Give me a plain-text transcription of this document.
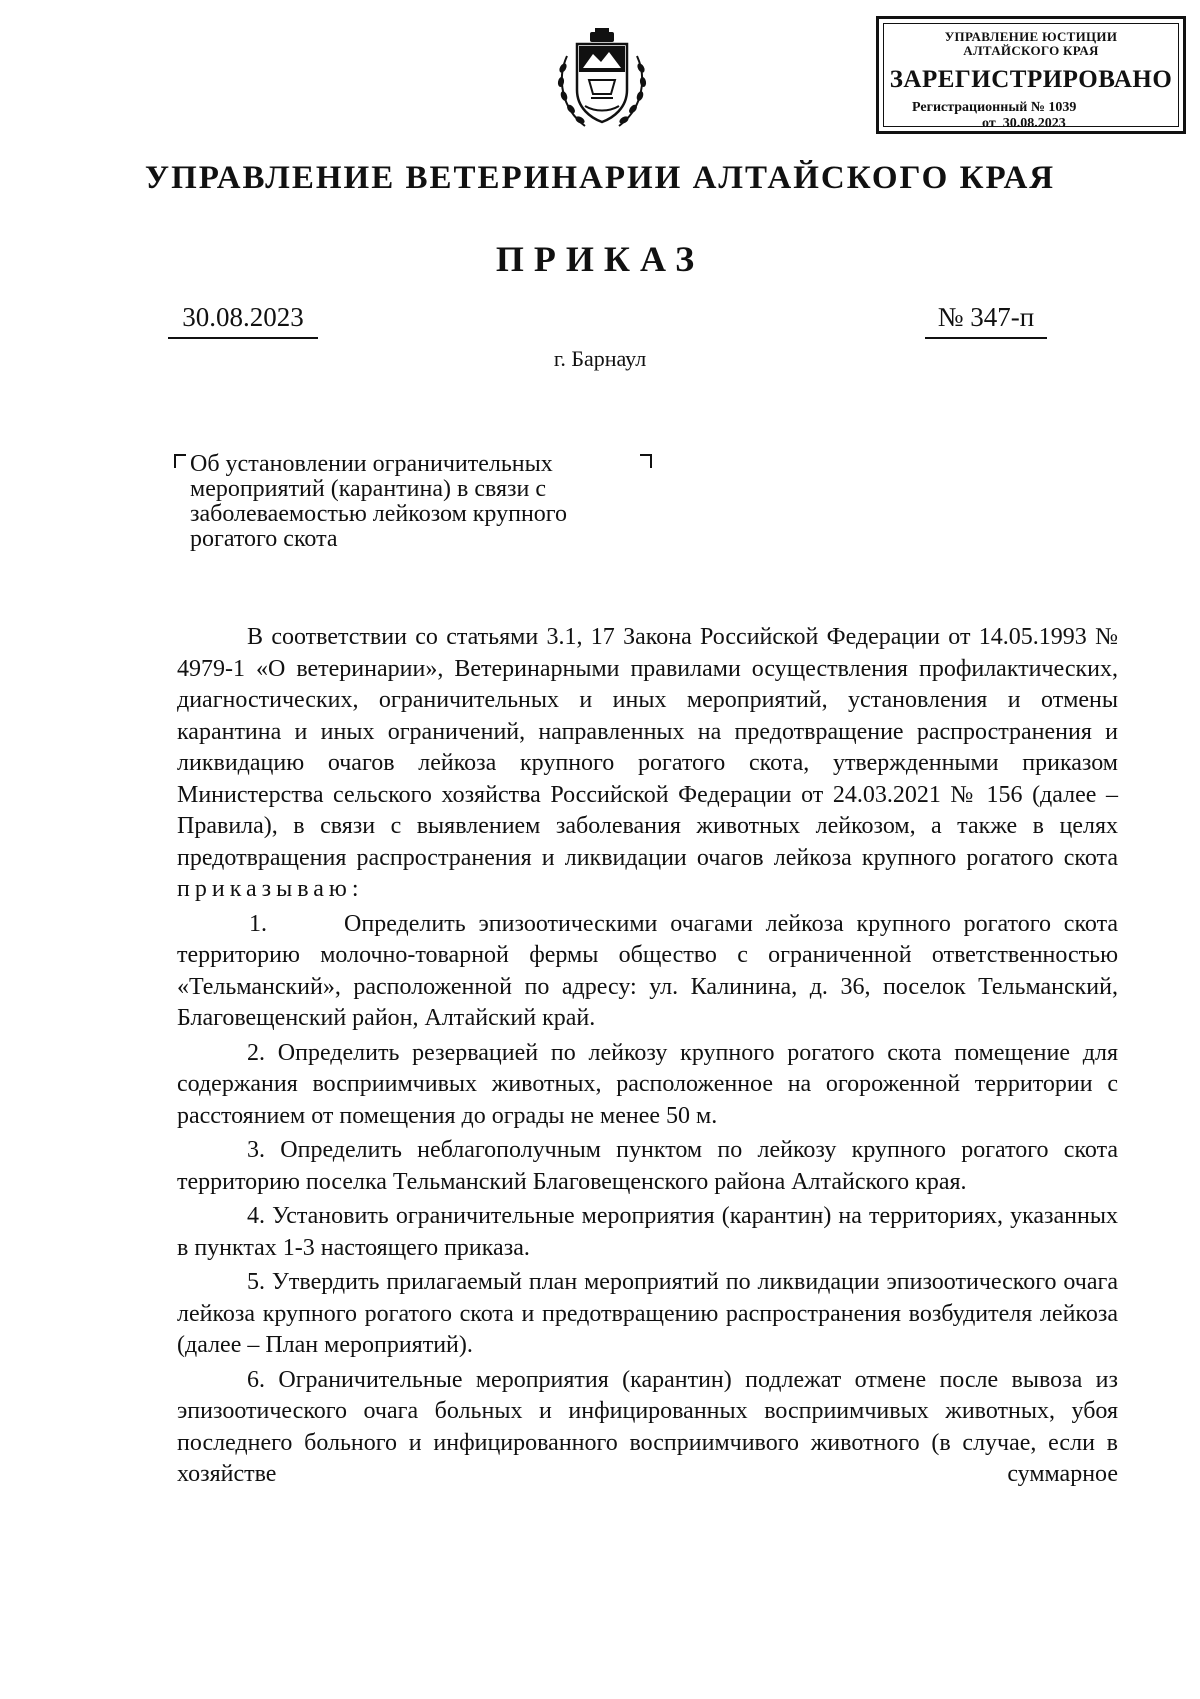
УПРАВЛЕНИЕ ЮСТИЦИИ
АЛТАЙСКОГО КРАЯ
ЗАРЕГИСТРИРОВАНО
Регистрационный № 1039
от  30.08.2023
УПРАВЛЕНИЕ ВЕТЕРИНАРИИ АЛТАЙСКОГО КРАЯ
ПРИКАЗ
30.08.2023	№ 347-п
г. Барнаул

Об установлении ограничительных
мероприятий (карантина) в связи с
заболеваемостью лейкозом крупного
рогатого скота

В соответствии со статьями 3.1, 17 Закона Российской Федерации от 14.05.1993 № 4979-1 «О ветеринарии», Ветеринарными правилами осуществления профилактических, диагностических, ограничительных и иных мероприятий, установления и отмены карантина и иных ограничений, направленных на предотвращение распространения и ликвидацию очагов лейкоза крупного рогатого скота, утвержденными приказом Министерства сельского хозяйства Российской Федерации от 24.03.2021 № 156 (далее – Правила), в связи с выявлением заболевания животных лейкозом, а также в целях предотвращения распространения и ликвидации очагов лейкоза крупного рогатого скота приказываю:

1.      Определить эпизоотическими очагами лейкоза крупного рогатого скота территорию молочно-товарной фермы общество с ограниченной ответственностью «Тельманский», расположенной по адресу: ул. Калинина, д. 36, поселок Тельманский, Благовещенский район, Алтайский край.

2. Определить резервацией по лейкозу крупного рогатого скота помещение для содержания восприимчивых животных, расположенное на огороженной территории с расстоянием от помещения до ограды не менее 50 м.

3. Определить неблагополучным пунктом по лейкозу крупного рогатого скота территорию поселка Тельманский Благовещенского района Алтайского края.

4. Установить ограничительные мероприятия (карантин) на территориях, указанных в пунктах 1-3 настоящего приказа.

5. Утвердить прилагаемый план мероприятий по ликвидации эпизоотического очага лейкоза крупного рогатого скота и предотвращению распространения возбудителя лейкоза (далее – План мероприятий).

6. Ограничительные мероприятия (карантин) подлежат отмене после вывоза из эпизоотического очага больных и инфицированных восприимчивых животных, убоя последнего больного и инфицированного восприимчивого животного (в случае, если в хозяйстве суммарное
